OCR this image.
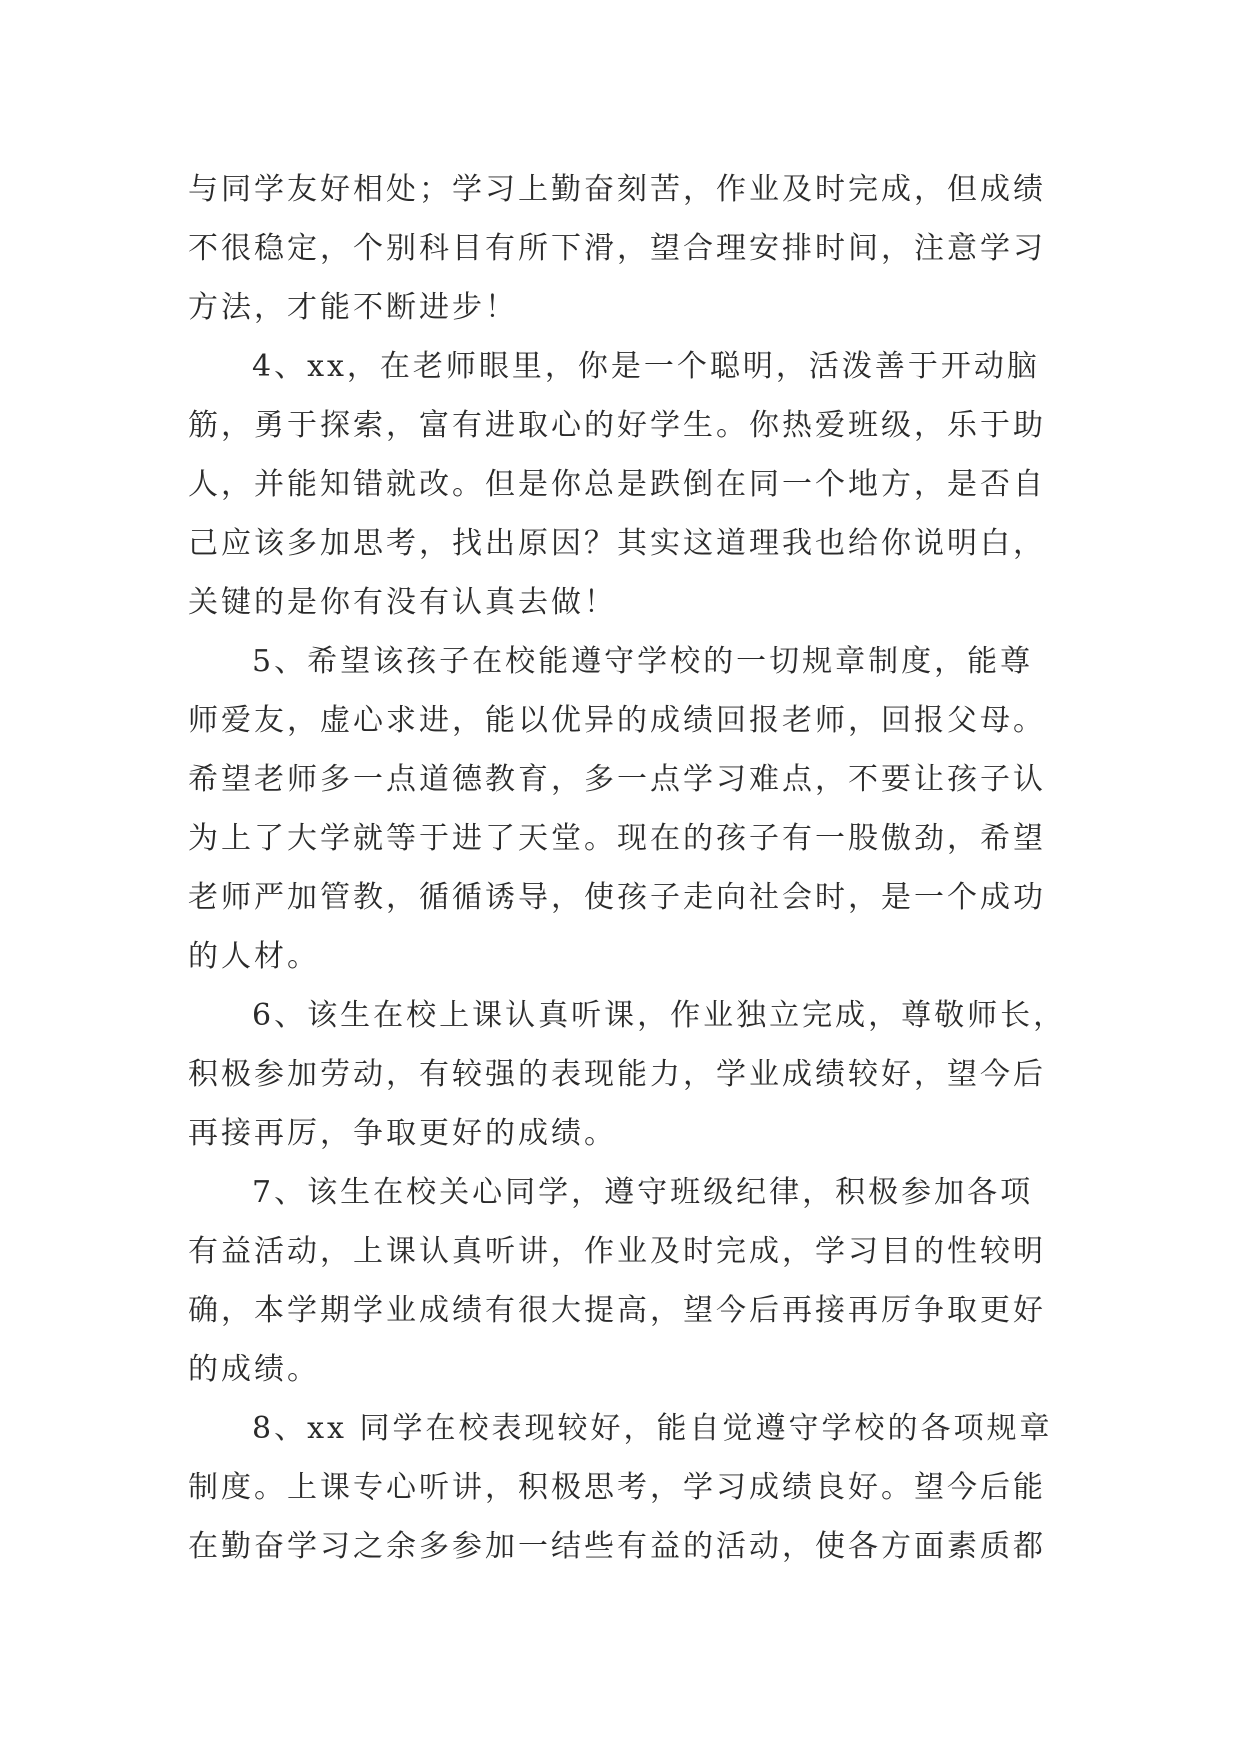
与同学友好相处；学习上勤奋刻苦，作业及时完成，但成绩
不很稳定，个别科目有所下滑，望合理安排时间，注意学习
方法，才能不断进步！
4、xx，在老师眼里，你是一个聪明，活泼善于开动脑
筋，勇于探索，富有进取心的好学生。你热爱班级，乐于助
人，并能知错就改。但是你总是跌倒在同一个地方，是否自
己应该多加思考，找出原因？其实这道理我也给你说明白，
关键的是你有没有认真去做！
5、希望该孩子在校能遵守学校的一切规章制度，能尊
师爱友，虚心求进，能以优异的成绩回报老师，回报父母。
希望老师多一点道德教育，多一点学习难点，不要让孩子认
为上了大学就等于进了天堂。现在的孩子有一股傲劲，希望
老师严加管教，循循诱导，使孩子走向社会时，是一个成功
的人材。
6、该生在校上课认真听课，作业独立完成，尊敬师长，
积极参加劳动，有较强的表现能力，学业成绩较好，望今后
再接再厉，争取更好的成绩。
7、该生在校关心同学，遵守班级纪律，积极参加各项
有益活动，上课认真听讲，作业及时完成，学习目的性较明
确，本学期学业成绩有很大提高，望今后再接再厉争取更好
的成绩。
8、xx 同学在校表现较好，能自觉遵守学校的各项规章
制度。上课专心听讲，积极思考，学习成绩良好。望今后能
在勤奋学习之余多参加一结些有益的活动，使各方面素质都
